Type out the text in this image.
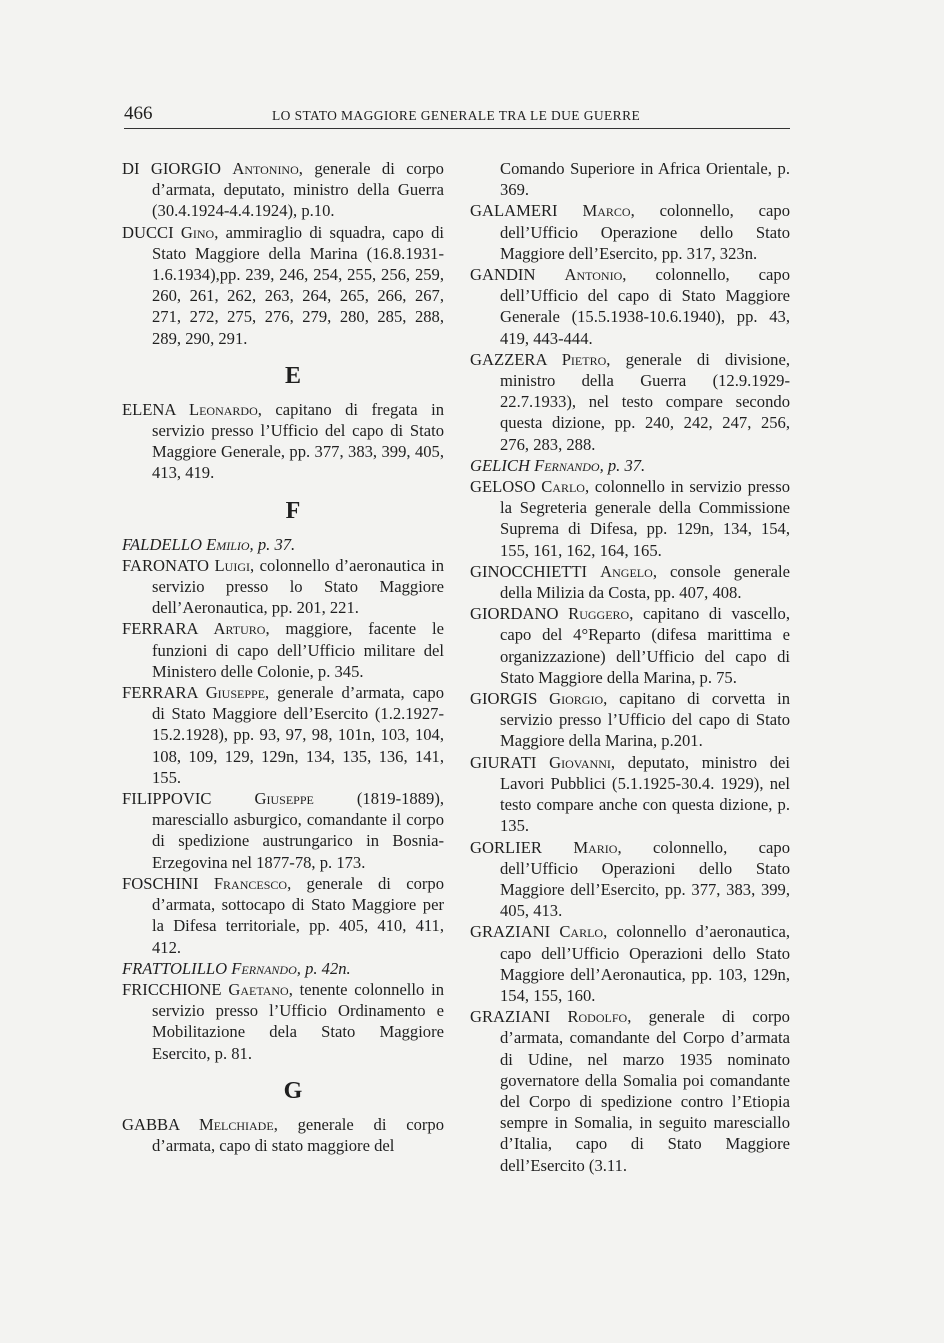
466	LO STATO MAGGIORE GENERALE TRA LE DUE GUERRE

DI GIORGIO Antonino, generale di corpo d’armata, deputato, ministro della Guerra (30.4.1924-4.4.1924), p.10.

DUCCI Gino, ammiraglio di squadra, capo di Stato Maggiore della Marina (16.8.1931-1.6.1934),pp. 239, 246, 254, 255, 256, 259, 260, 261, 262, 263, 264, 265, 266, 267, 271, 272, 275, 276, 279, 280, 285, 288, 289, 290, 291.

E

ELENA Leonardo, capitano di fregata in servizio presso l’Ufficio del capo di Stato Maggiore Generale, pp. 377, 383, 399, 405, 413, 419.

F

FALDELLO Emilio, p. 37.

FARONATO Luigi, colonnello d’aeronautica in servizio presso lo Stato Maggiore dell’Aeronautica, pp. 201, 221.

FERRARA Arturo, maggiore, facente le funzioni di capo dell’Ufficio militare del Ministero delle Colonie, p. 345.

FERRARA Giuseppe, generale d’armata, capo di Stato Maggiore dell’Esercito (1.2.1927-15.2.1928), pp. 93, 97, 98, 101n, 103, 104, 108, 109, 129, 129n, 134, 135, 136, 141, 155.

FILIPPOVIC	Giuseppe (1819-1889), maresciallo asburgico, comandante il corpo di spedizione austrungarico in Bosnia-Erzegovina nel 1877-78, p. 173.

FOSCHINI Francesco, generale di corpo d’armata, sottocapo di Stato Maggiore per la Difesa territoriale, pp. 405, 410, 411, 412.

FRATTOLILLO Fernando, p. 42n.

FRICCHIONE Gaetano, tenente colonnello in servizio presso l’Ufficio Ordinamento e Mobilitazione dela Stato Maggiore Esercito, p. 81.

G

GABBA Melchiade, generale di corpo d’armata, capo di stato maggiore del

Comando Superiore in Africa Orientale, p. 369.

GALAMERI Marco, colonnello, capo dell’Ufficio Operazione dello Stato Maggiore dell’Esercito, pp. 317, 323n.

GANDIN Antonio, colonnello, capo dell’Ufficio del capo di Stato Maggiore Generale (15.5.1938-10.6.1940), pp. 43, 419, 443-444.

GAZZERA Pietro, generale di divisione, ministro della Guerra (12.9.1929-22.7.1933), nel testo compare secondo questa dizione, pp. 240, 242, 247, 256, 276, 283, 288.

GELICH Fernando, p. 37.

GELOSO Carlo, colonnello in servizio presso la Segreteria generale della Commissione Suprema di Difesa, pp. 129n, 134, 154, 155, 161, 162, 164, 165.

GINOCCHIETTI Angelo, console generale della Milizia da Costa, pp. 407, 408.

GIORDANO Ruggero, capitano di vascello, capo del 4°Reparto (difesa marittima e organizzazione) dell’Ufficio del capo di Stato Maggiore della Marina, p. 75.

GIORGIS Giorgio, capitano di corvetta in servizio presso l’Ufficio del capo di Stato Maggiore della Marina, p.201.

GIURATI Giovanni, deputato, ministro dei Lavori Pubblici (5.1.1925-30.4. 1929), nel testo compare anche con questa dizione, p. 135.

GORLIER Mario, colonnello, capo dell’Ufficio Operazioni dello Stato Maggiore dell’Esercito, pp. 377, 383, 399, 405, 413.

GRAZIANI Carlo, colonnello d’aeronautica, capo dell’Ufficio Operazioni dello Stato Maggiore dell’Aeronautica, pp. 103, 129n, 154, 155, 160.

GRAZIANI Rodolfo, generale di corpo d’armata, comandante del Corpo d’armata di Udine, nel marzo 1935 nominato governatore della Somalia poi comandante del Corpo di spedizione contro l’Etiopia sempre in Somalia, in seguito maresciallo d’Italia, capo di Stato Maggiore dell’Esercito (3.11.
